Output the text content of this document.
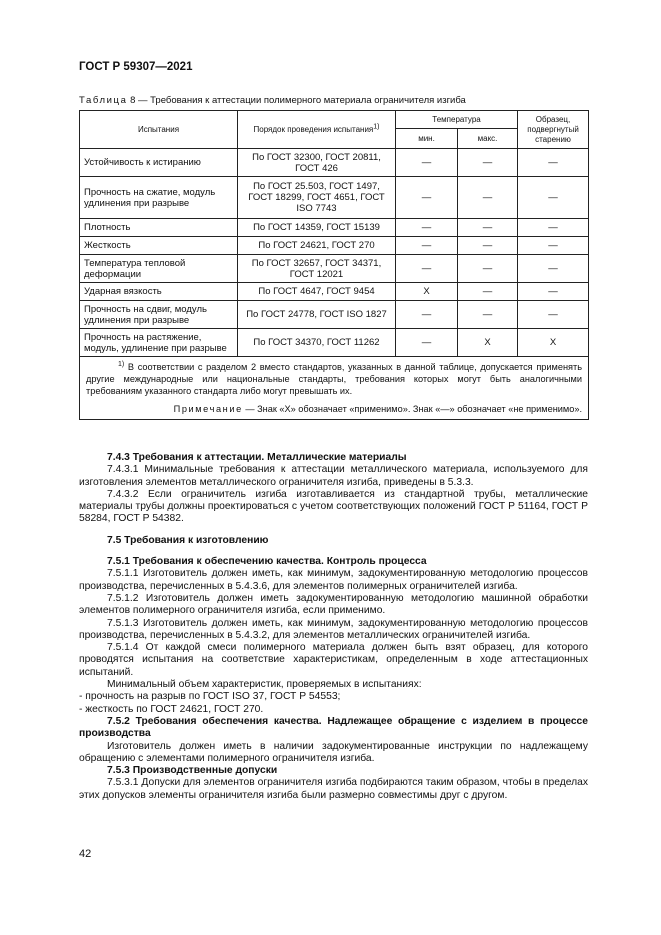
ГОСТ Р 59307—2021
Таблица 8 — Требования к аттестации полимерного материала ограничителя изгиба
Испытания	Порядок проведения испытания1)	Температура		Образец, подвергнутый старению
		мин.	макс.	
Устойчивость к истиранию	По ГОСТ 32300, ГОСТ 20811, ГОСТ 426	—	—	—
Прочность на сжатие, модуль удлинения при разрыве	По ГОСТ 25.503, ГОСТ 1497, ГОСТ 18299, ГОСТ 4651, ГОСТ ISO 7743	—	—	—
Плотность	По ГОСТ 14359, ГОСТ 15139	—	—	—
Жесткость	По ГОСТ 24621, ГОСТ 270	—	—	—
Температура тепловой деформации	По ГОСТ 32657, ГОСТ 34371, ГОСТ 12021	—	—	—
Ударная вязкость	По ГОСТ 4647, ГОСТ 9454	X	—	—
Прочность на сдвиг, модуль удлинения при разрыве	По ГОСТ 24778, ГОСТ ISO 1827	—	—	—
Прочность на растяжение, модуль, удлинение при разрыве	По ГОСТ 34370, ГОСТ 11262	—	X	X

$^{1)}$ В соответствии с разделом 2 вместо стандартов, указанных в данной таблице, допускается применять другие международные или национальные стандарты, требования которых могут быть аналогичными требованиям указанного стандарта либо могут превышать их.
Примечание — Знак «X» обозначает «применимо». Знак «—» обозначает «не применимо».				

7.4.3 Требования к аттестации. Металлические материалы

7.4.3.1 Минимальные требования к аттестации металлического материала, используемого для изготовления элементов металлического ограничителя изгиба, приведены в 5.3.3.

7.4.3.2 Если ограничитель изгиба изготавливается из стандартной трубы, металлические материалы трубы должны проектироваться с учетом соответствующих положений ГОСТ Р 51164, ГОСТ Р 58284, ГОСТ Р 54382.

7.5 Требования к изготовлению

7.5.1 Требования к обеспечению качества. Контроль процесса

7.5.1.1 Изготовитель должен иметь, как минимум, задокументированную методологию процессов производства, перечисленных в 5.4.3.6, для элементов полимерных ограничителей изгиба.

7.5.1.2 Изготовитель должен иметь задокументированную методологию машинной обработки элементов полимерного ограничителя изгиба, если применимо.

7.5.1.3 Изготовитель должен иметь, как минимум, задокументированную методологию процессов производства, перечисленных в 5.4.3.2, для элементов металлических ограничителей изгиба.

7.5.1.4 От каждой смеси полимерного материала должен быть взят образец, для которого проводятся испытания на соответствие характеристикам, определенным в ходе аттестационных испытаний.

Минимальный объем характеристик, проверяемых в испытаниях:

- прочность на разрыв по ГОСТ ISO 37, ГОСТ Р 54553;

- жесткость по ГОСТ 24621, ГОСТ 270.

7.5.2 Требования обеспечения качества. Надлежащее обращение с изделием в процессе производства

Изготовитель должен иметь в наличии задокументированные инструкции по надлежащему обращению с элементами полимерного ограничителя изгиба.

7.5.3 Производственные допуски

7.5.3.1 Допуски для элементов ограничителя изгиба подбираются таким образом, чтобы в пределах этих допусков элементы ограничителя изгиба были размерно совместимы друг с другом.

42
